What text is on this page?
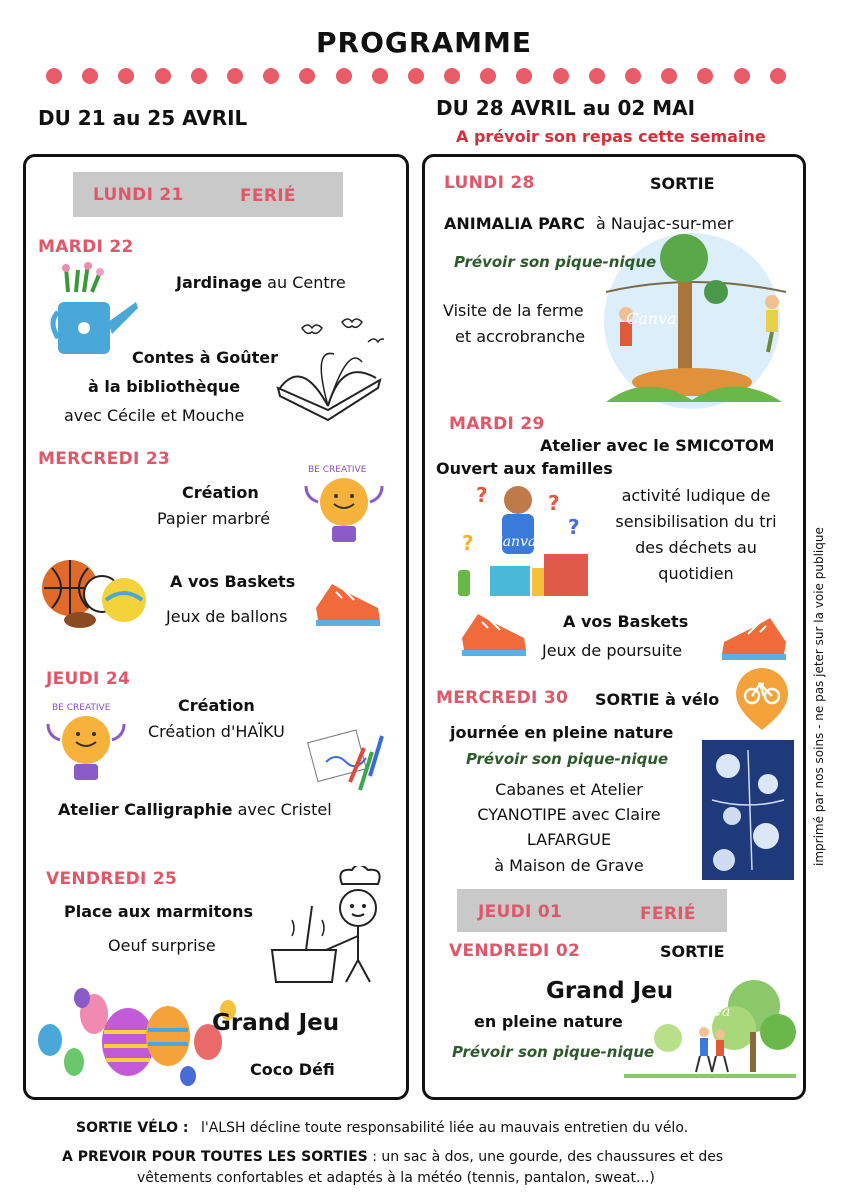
PROGRAMME
DU 21 au 25 AVRIL	DU 28 AVRIL au 02 MAI
A prévoir son repas cette semaine
LUNDI 21	FERIÉ
MARDI 22
Jardinage au Centre
Contes à Goûter
à la bibliothèque
avec Cécile et Mouche
MERCREDI 23
Création
Papier marbré
BE CREATIVE
A vos Baskets
Jeux de ballons
JEUDI 24
BE CREATIVE	Création
Création d'HAÏKU
Atelier Calligraphie avec Cristel
VENDREDI 25
Place aux marmitons
Oeuf surprise
Grand Jeu
Coco Défi
LUNDI 28	SORTIE
Canva
ANIMALIA PARC à Naujac-sur-mer
Prévoir son pique-nique
Visite de la ferme
et accrobranche
MARDI 29
Atelier avec le SMICOTOM
Ouvert aux familles
?	?
?
?
Canva
activité ludique de
sensibilisation du tri
des déchets au
quotidien
A vos Baskets
Jeux de poursuite
MERCREDI 30 SORTIE à vélo
journée en pleine nature
Prévoir son pique-nique
Cabanes et Atelier
CYANOTIPE avec Claire
LAFARGUE
à Maison de Grave
JEUDI 01	FERIÉ
VENDREDI 02	SORTIE
Canva
Grand Jeu
en pleine nature
Prévoir son pique-nique
imprimé par nos soins - ne pas jeter sur la voie publique
SORTIE VÉLO : l'ALSH décline toute responsabilité liée au mauvais entretien du vélo.
A PREVOIR POUR TOUTES LES SORTIES : un sac à dos, une gourde, des chaussures et des
vêtements confortables et adaptés à la météo (tennis, pantalon, sweat...)
